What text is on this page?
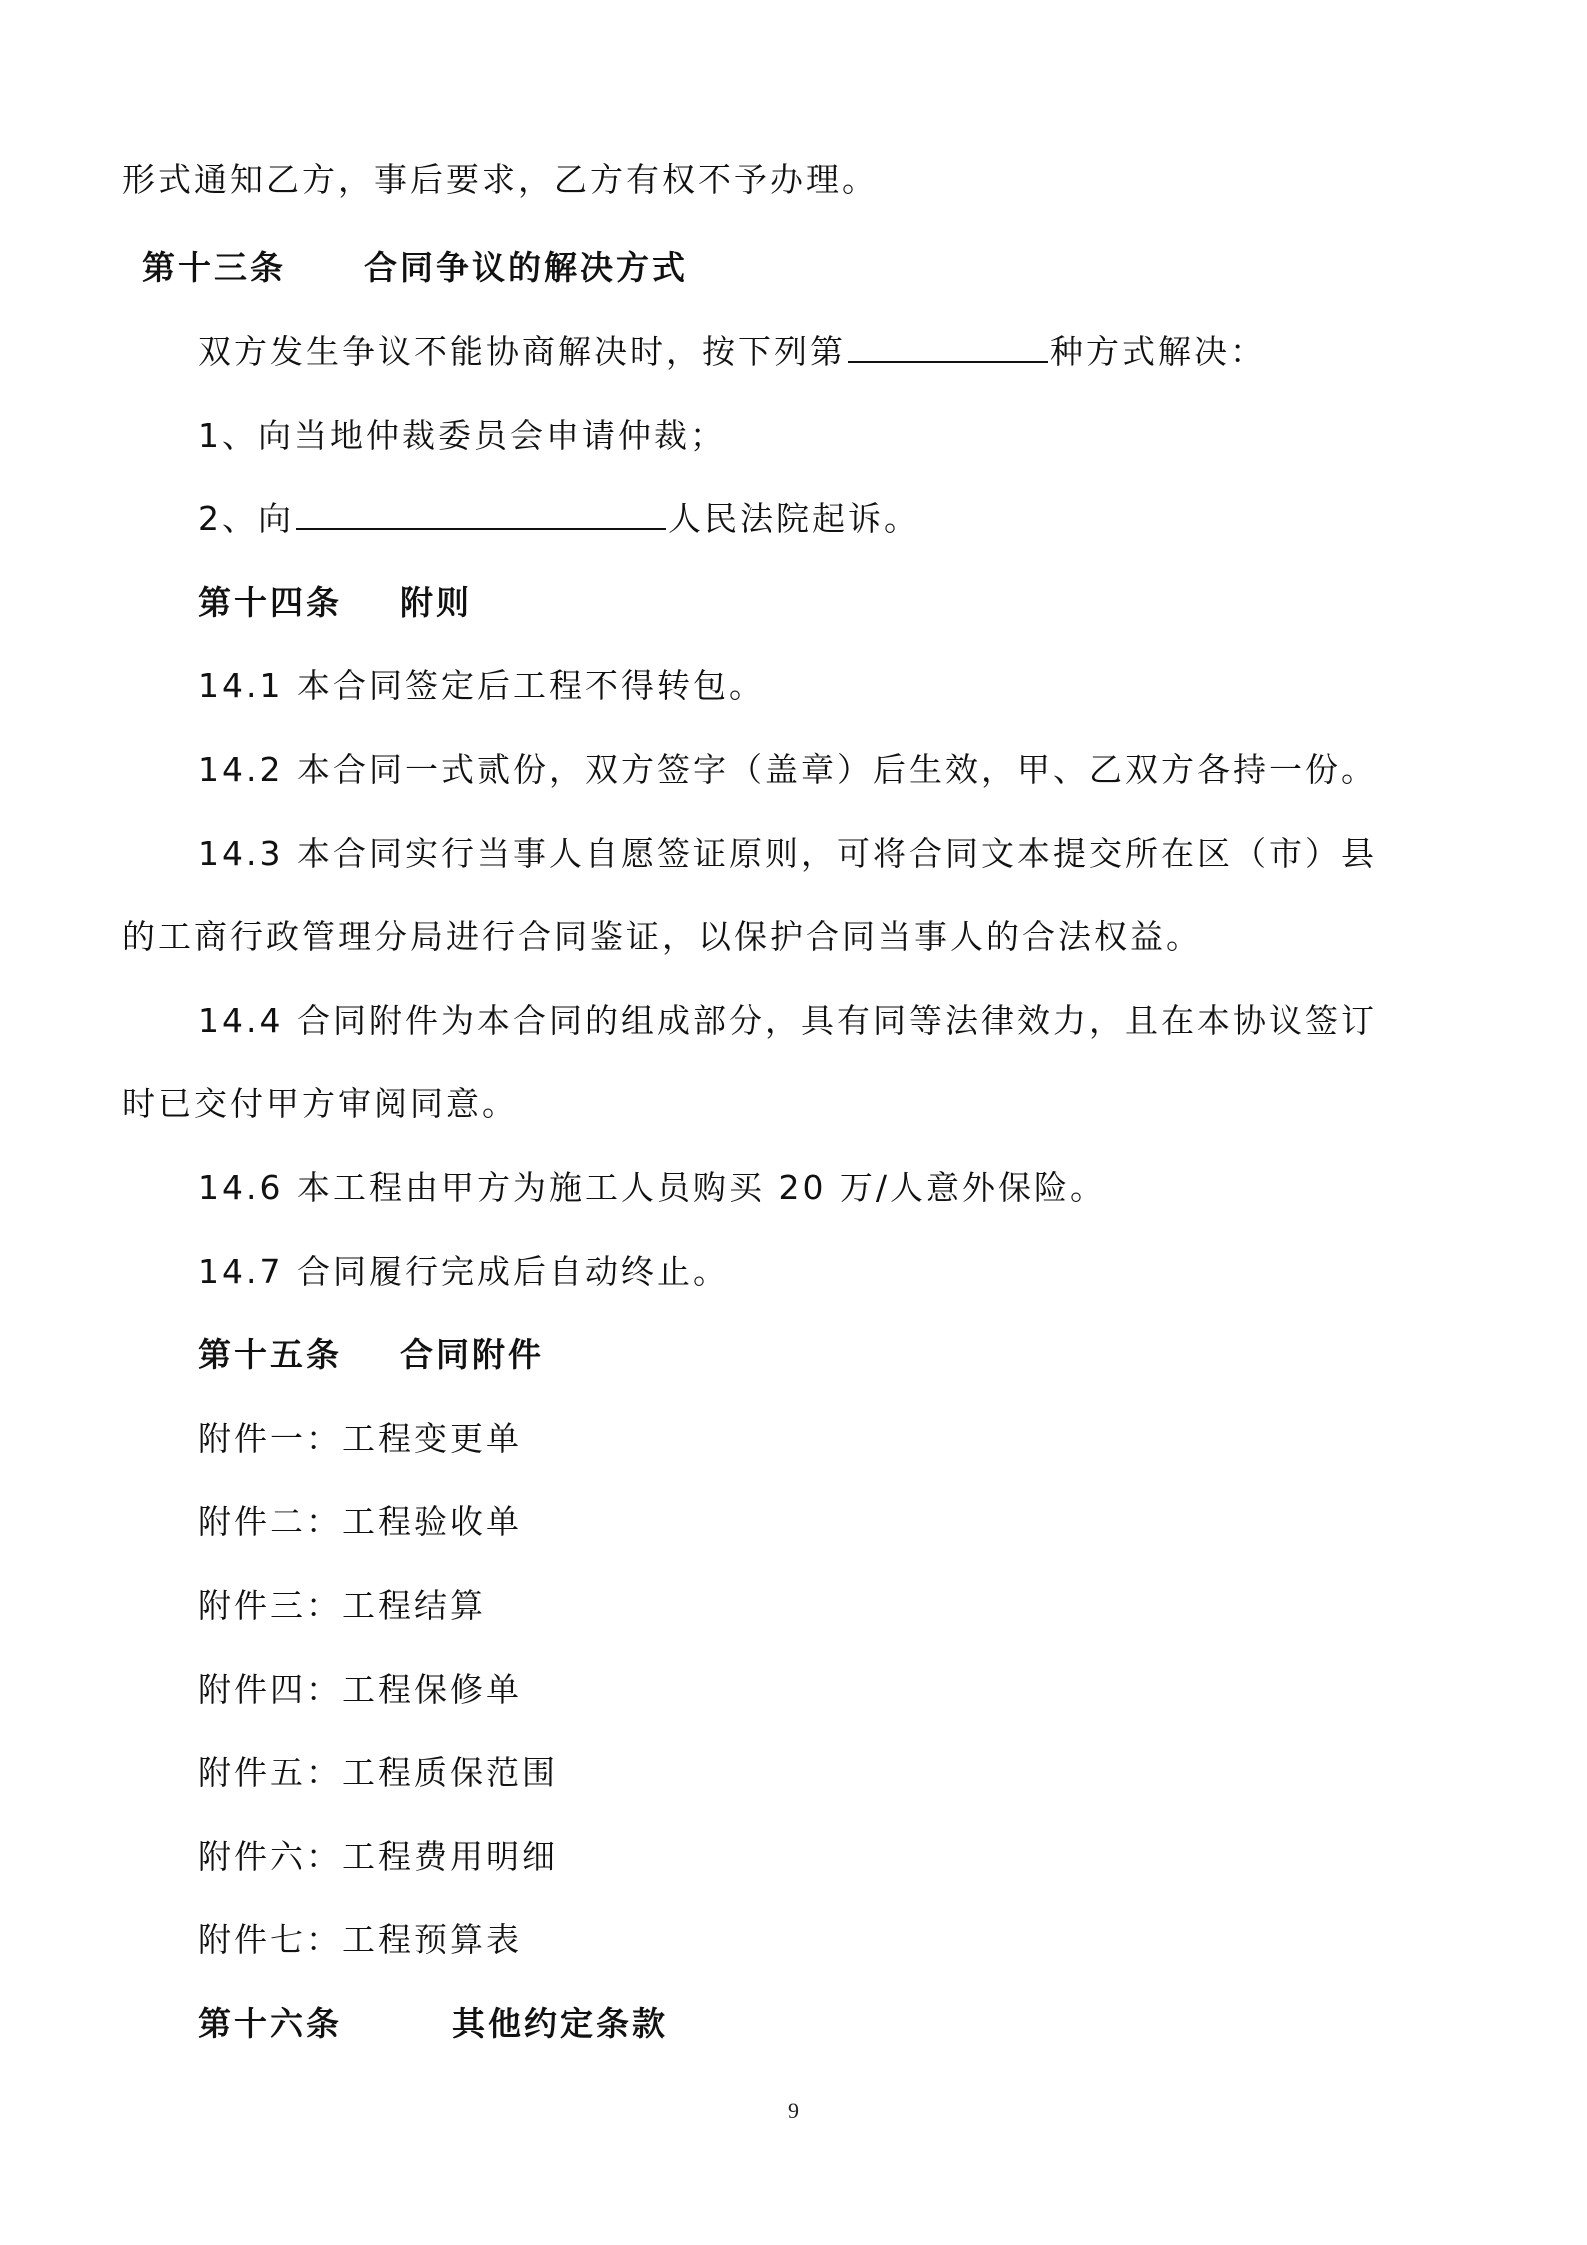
形式通知乙方，事后要求，乙方有权不予办理。
第十三条 合同争议的解决方式
双方发生争议不能协商解决时，按下列第	种方式解决：
1、向当地仲裁委员会申请仲裁；
2、向	人民法院起诉。
第十四条 附则
14.1 本合同签定后工程不得转包。
14.2 本合同一式贰份，双方签字（盖章）后生效，甲、乙双方各持一份。
14.3 本合同实行当事人自愿签证原则，可将合同文本提交所在区（市）县
的工商行政管理分局进行合同鉴证，以保护合同当事人的合法权益。
14.4 合同附件为本合同的组成部分，具有同等法律效力，且在本协议签订
时已交付甲方审阅同意。
14.6 本工程由甲方为施工人员购买 20 万/人意外保险。
14.7 合同履行完成后自动终止。
第十五条 合同附件
附件一：工程变更单
附件二：工程验收单
附件三：工程结算
附件四：工程保修单
附件五：工程质保范围
附件六：工程费用明细
附件七：工程预算表
第十六条	其他约定条款
9
